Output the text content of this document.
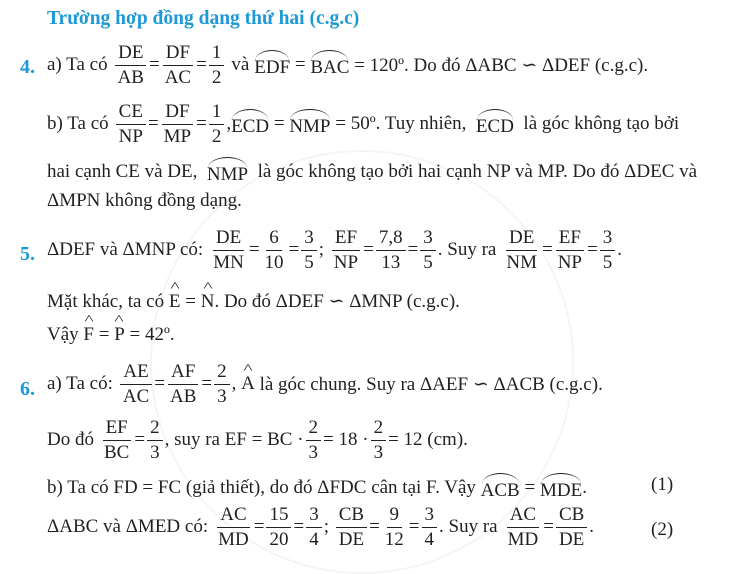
Trường hợp đồng dạng thứ hai (c.g.c)
4. a) Ta có $\frac{DE}{AB} = \frac{DF}{AC} = \frac{1}{2}$ và EDF = BAC
= 120º. Do đó ΔABC ∽ ΔDEF (c.g.c).
b) Ta có $\frac{CE}{NP} = \frac{DF}{MP} = \frac{1}{2}$ , ECD = NMP
= 50º. Tuy nhiên,
ECD
là góc không tạo bởi
hai cạnh CE và DE,
NMP
là góc không tạo bởi hai cạnh NP và MP. Do đó ΔDEC và
ΔMPN không đồng dạng.
5. ΔDEF và ΔMNP có: $\frac{DE}{MN} = \frac{6}{10} = \frac{3}{5}$ ; $\frac{EF}{NP} = \frac{7,8}{13} = \frac{3}{5}$ . Suy ra $\frac{DE}{NM} = \frac{EF}{NP} = \frac{3}{5}$ .
Mặt khác, ta có
^ E = ^ N . Do đó ΔDEF ∽ ΔMNP (c.g.c).
Vậy
^ F = ^ P
= 42º.
6. a) Ta có: $\frac{AE}{AC} = \frac{AF}{AB} = \frac{2}{3}$ , ^ A
là góc chung. Suy ra ΔAEF ∽ ΔACB (c.g.c).
Do đó $\frac{EF}{BC} = \frac{2}{3}$ , suy ra EF = BC · $\frac{2}{3} = 18 \cdot \frac{2}{3} = 12$ (cm).
b) Ta có FD = FC (giả thiết), do đó ΔFDC cân tại F. Vậy
ACB = MDE .	(1)
ΔABC và ΔMED có: $\frac{AC}{MD} = \frac{15}{20} = \frac{3}{4}$ ; $\frac{CB}{DE} = \frac{9}{12} = \frac{3}{4}$ . Suy ra $\frac{AC}{MD} = \frac{CB}{DE}$ .	(2)
